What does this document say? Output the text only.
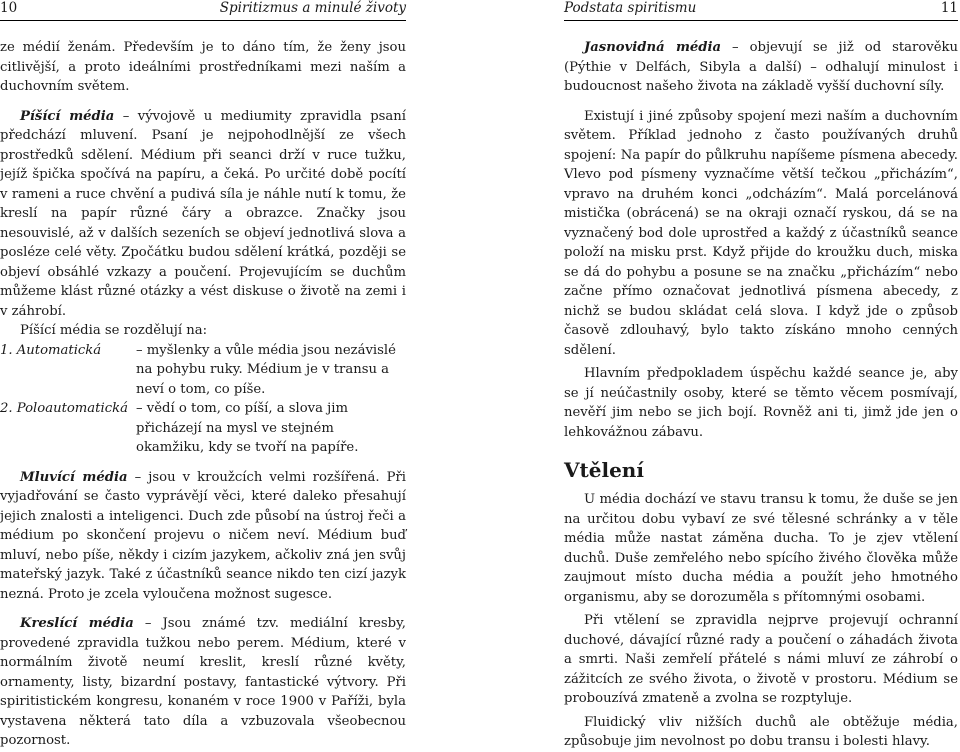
10	Spiritizmus a minulé životy

ze médií ženám. Především je to dáno tím, že ženy jsou citlivější, a proto ideálními prostředníkami mezi naším a duchovním světem.

Píšící média – vývojově u mediumity zpravidla psaní předchází mluvení. Psaní je nejpohodlnější ze všech prostředků sdělení. Médium při seanci drží v ruce tužku, jejíž špička spočívá na papíru, a čeká. Po určité době pocítí v rameni a ruce chvění a pudivá síla je náhle nutí k tomu, že kreslí na papír různé čáry a obrazce. Značky jsou nesouvislé, až v dalších sezeních se objeví jednotlivá slova a posléze celé věty. Zpočátku budou sdělení krátká, později se objeví obsáhlé vzkazy a poučení. Projevujícím se duchům můžeme klást různé otázky a vést diskuse o životě na zemi i v záhrobí.

Píšící média se rozdělují na:

1. Automatická	– myšlenky a vůle média jsou nezávislé na pohybu ruky. Médium je v transu a neví o tom, co píše.
2. Poloautomatická – vědí o tom, co píší, a slova jim přicházejí na mysl ve stejném okamžiku, kdy se tvoří na papíře.

Mluvící média – jsou v kroužcích velmi rozšířená. Při vyjadřování se často vyprávějí věci, které daleko přesahují jejich znalosti a inteligenci. Duch zde působí na ústroj řeči a médium po skončení projevu o ničem neví. Médium buď mluví, nebo píše, někdy i cizím jazykem, ačkoliv zná jen svůj mateřský jazyk. Také z účastníků seance nikdo ten cizí jazyk nezná. Proto je zcela vyloučena možnost sugesce.

Kreslící média – Jsou známé tzv. mediální kresby, provedené zpravidla tužkou nebo perem. Médium, které v normálním životě neumí kreslit, kreslí různé květy, ornamenty, listy, bizardní postavy, fantastické výtvory. Při spiritistickém kongresu, konaném v roce 1900 v Paříži, byla vystavena některá tato díla a vzbuzovala všeobecnou pozornost.

Podstata spiritismu	11

Jasnovidná média – objevují se již od starověku (Pýthie v Delfách, Sibyla a další) – odhalují minulost i budoucnost našeho života na základě vyšší duchovní síly.

Existují i jiné způsoby spojení mezi naším a duchovním světem. Příklad jednoho z často používaných druhů spojení: Na papír do půlkruhu napíšeme písmena abecedy. Vlevo pod písmeny vyznačíme větší tečkou „přicházím“, vpravo na druhém konci „odcházím“. Malá porcelánová mistička (obrácená) se na okraji označí ryskou, dá se na vyznačený bod dole uprostřed a každý z účastníků seance položí na misku prst. Když přijde do kroužku duch, miska se dá do pohybu a posune se na značku „přicházím“ nebo začne přímo označovat jednotlivá písmena abecedy, z nichž se budou skládat celá slova. I když jde o způsob časově zdlouhavý, bylo takto získáno mnoho cenných sdělení.

Hlavním předpokladem úspěchu každé seance je, aby se jí neúčastnily osoby, které se těmto věcem posmívají, nevěří jim nebo se jich bojí. Rovněž ani ti, jimž jde jen o lehkovážnou zábavu.

Vtělení

U média dochází ve stavu transu k tomu, že duše se jen na určitou dobu vybaví ze své tělesné schránky a v těle média může nastat záměna ducha. To je zjev vtělení duchů. Duše zemřelého nebo spícího živého člověka může zaujmout místo ducha média a použít jeho hmotného organismu, aby se dorozuměla s přítomnými osobami.

Při vtělení se zpravidla nejprve projevují ochranní duchové, dávající různé rady a poučení o záhadách života a smrti. Naši zemřelí přátelé s námi mluví ze záhrobí o zážitcích ze svého života, o životě v prostoru. Médium se probouzívá zmateně a zvolna se rozptyluje.

Fluidický vliv nižších duchů ale obtěžuje média, způsobuje jim nevolnost po dobu transu i bolesti hlavy.
